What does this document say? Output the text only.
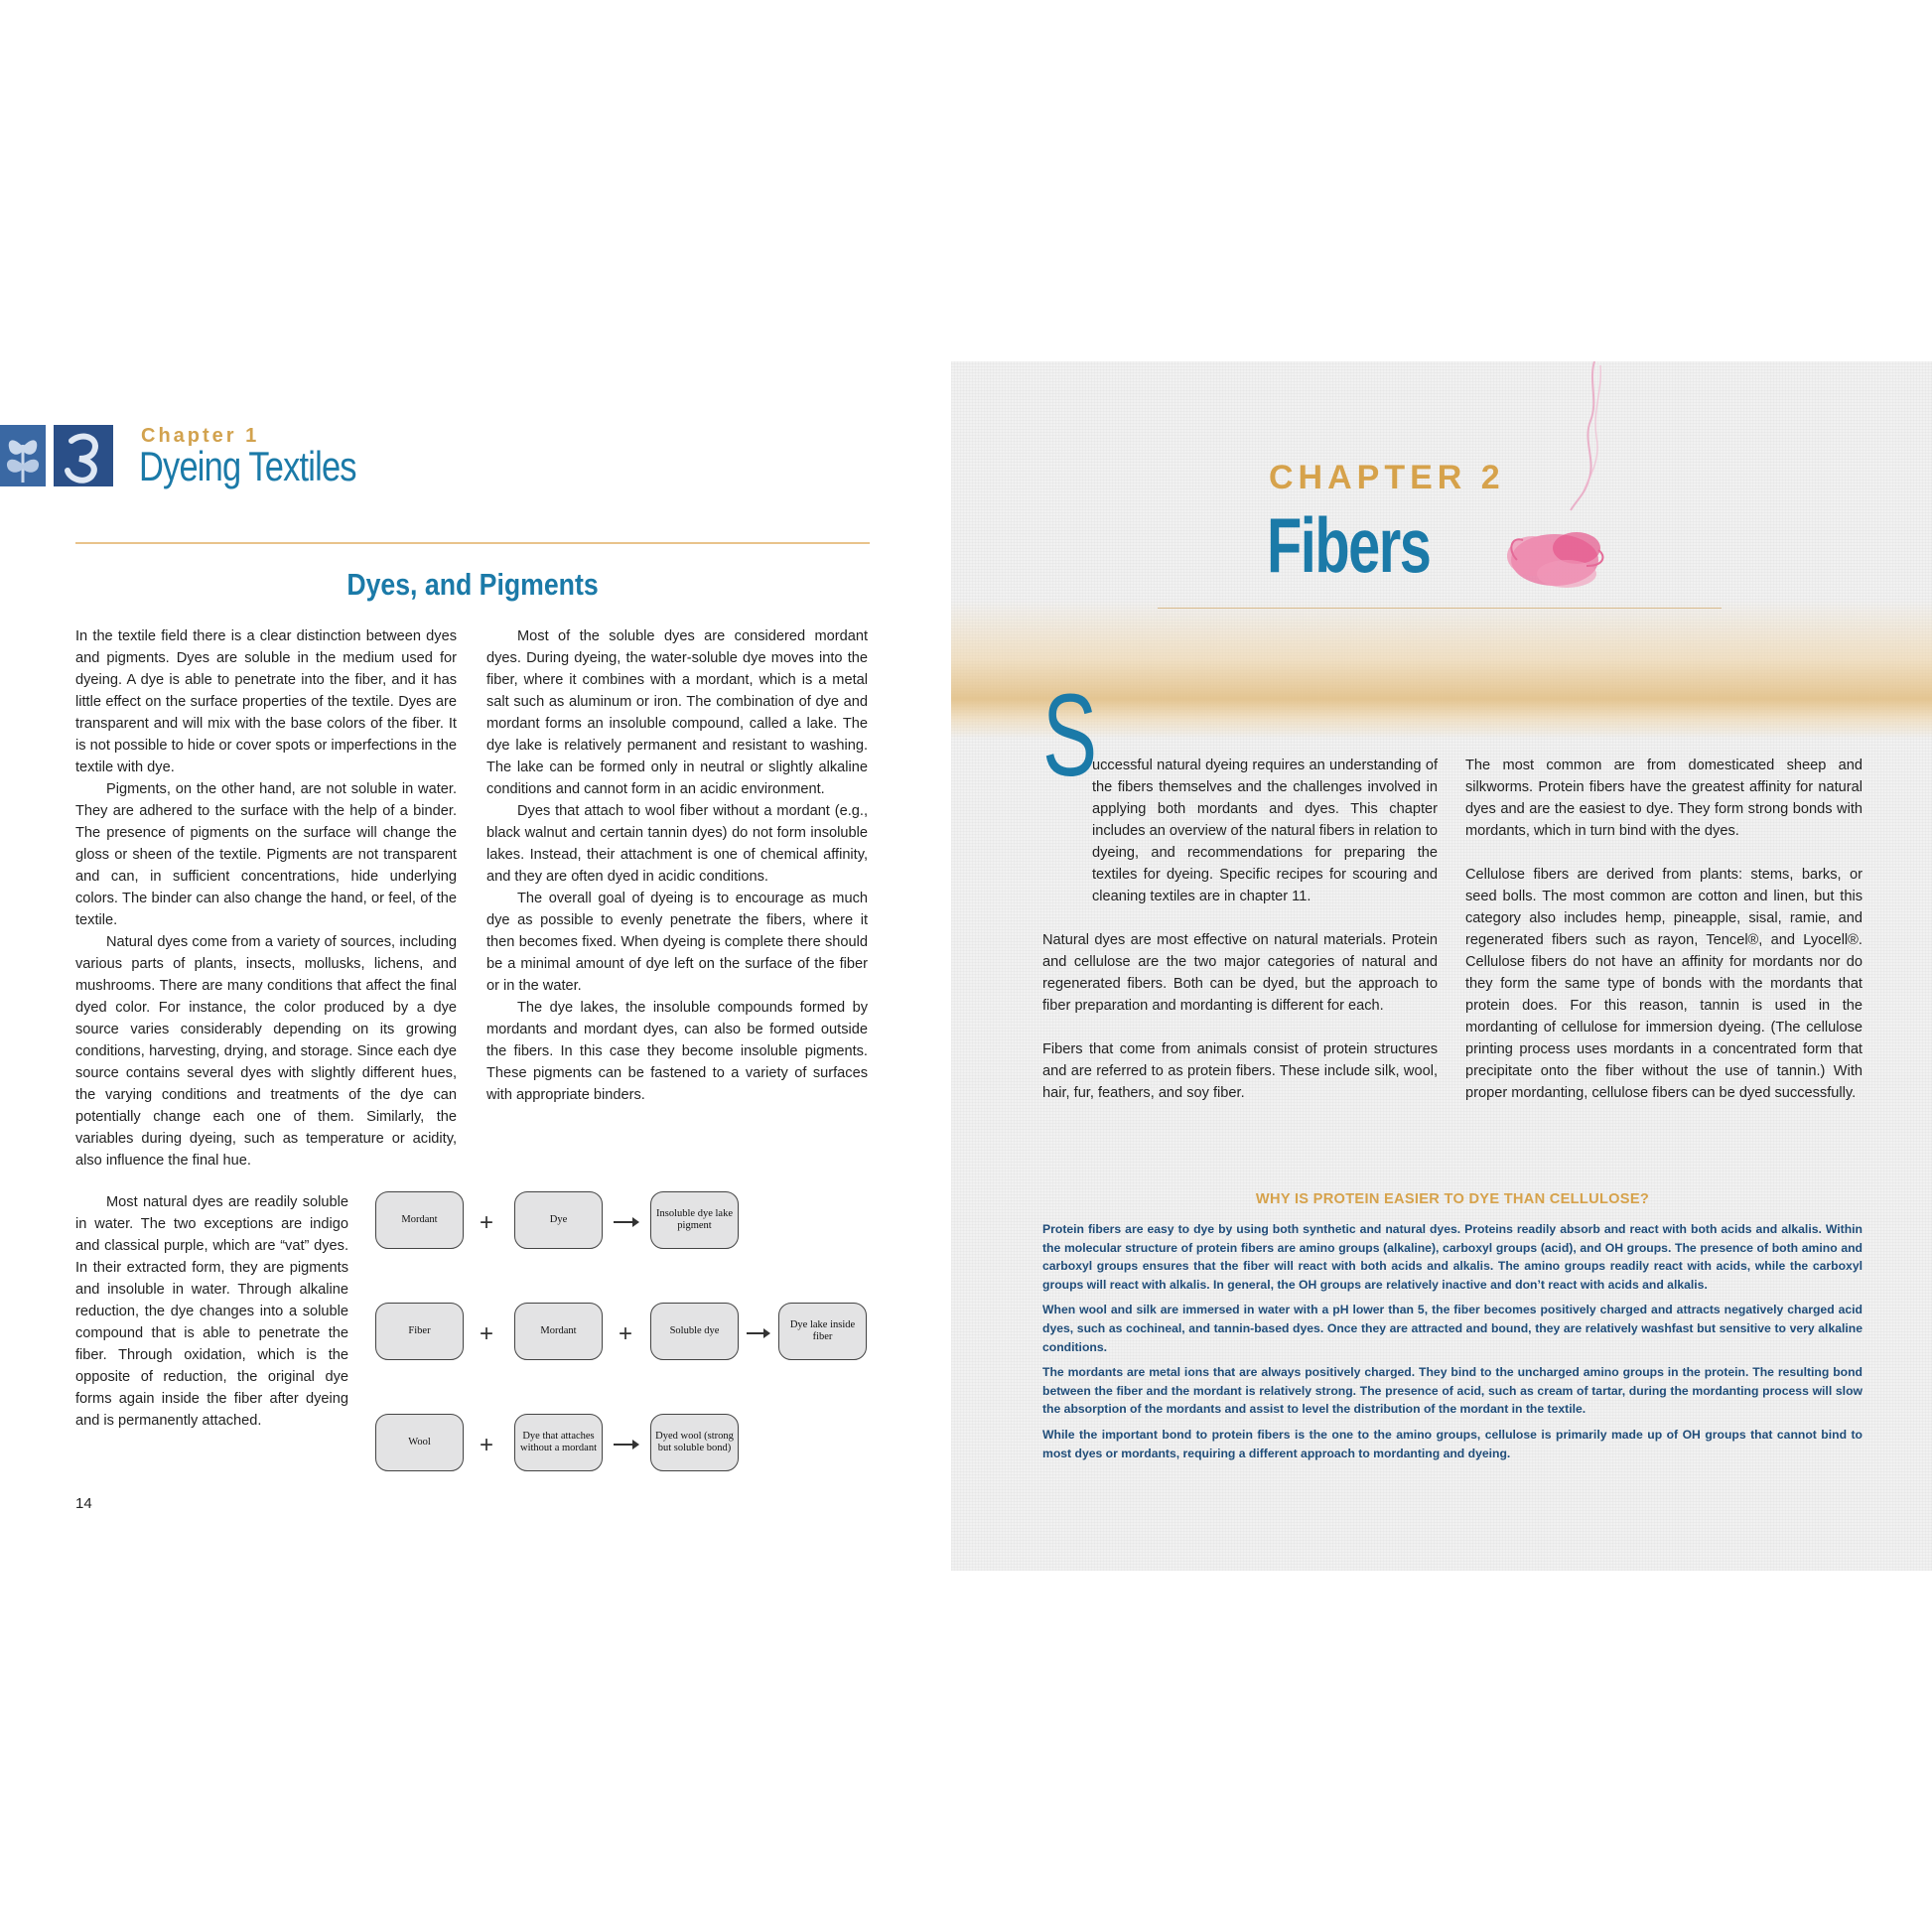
Chapter 1
Dyeing Textiles
Dyes, and Pigments

In the textile field there is a clear distinction between dyes and pigments. Dyes are soluble in the medium used for dyeing. A dye is able to penetrate into the fiber, and it has little effect on the surface properties of the textile. Dyes are transparent and will mix with the base colors of the fiber. It is not possible to hide or cover spots or imperfections in the textile with dye.

Pigments, on the other hand, are not soluble in water. They are adhered to the surface with the help of a binder. The presence of pigments on the surface will change the gloss or sheen of the textile. Pigments are not transparent and can, in sufficient concentrations, hide underlying colors. The binder can also change the hand, or feel, of the textile.

Natural dyes come from a variety of sources, including various parts of plants, insects, mollusks, lichens, and mushrooms. There are many conditions that affect the final dyed color. For instance, the color produced by a dye source varies considerably depending on its growing conditions, harvesting, drying, and storage. Since each dye source contains several dyes with slightly different hues, the varying conditions and treatments of the dye can potentially change each one of them. Similarly, the variables during dyeing, such as temperature or acidity, also influence the final hue.

Most of the soluble dyes are considered mordant dyes. During dyeing, the water-soluble dye moves into the fiber, where it combines with a mordant, which is a metal salt such as aluminum or iron. The combination of dye and mordant forms an insoluble compound, called a lake. The dye lake is relatively permanent and resistant to washing. The lake can be formed only in neutral or slightly alkaline conditions and cannot form in an acidic environment.

Dyes that attach to wool fiber without a mordant (e.g., black walnut and certain tannin dyes) do not form insoluble lakes. Instead, their attachment is one of chemical affinity, and they are often dyed in acidic conditions.

The overall goal of dyeing is to encourage as much dye as possible to evenly penetrate the fibers, where it then becomes fixed. When dyeing is complete there should be a minimal amount of dye left on the surface of the fiber or in the water.

The dye lakes, the insoluble compounds formed by mordants and mordant dyes, can also be formed outside the fibers. In this case they become insoluble pigments. These pigments can be fastened to a variety of surfaces with appropriate binders.

Most natural dyes are readily soluble in water. The two exceptions are indigo and classical purple, which are “vat” dyes. In their extracted form, they are pigments and insoluble in water. Through alkaline reduction, the dye changes into a soluble compound that is able to penetrate the fiber. Through oxidation, which is the opposite of reduction, the original dye forms again inside the fiber after dyeing and is permanently attached.

Mordant	+	Dye
Insoluble dye lake pigment
Fiber	+	Mordant	+	Soluble dye
Dye lake inside fiber
Wool	+	Dye that attaches without a mordant
Dyed wool (strong but soluble bond)
14
CHAPTER 2
Fibers
S

uccessful natural dyeing requires an understanding of the fibers themselves and the challenges involved in applying both mordants and dyes. This chapter includes an overview of the natural fibers in relation to dyeing, and recommendations for preparing the textiles for dyeing. Specific recipes for scouring and cleaning textiles are in chapter 11.

Natural dyes are most effective on natural materials. Protein and cellulose are the two major categories of natural and regenerated fibers. Both can be dyed, but the approach to fiber preparation and mordanting is different for each.

Fibers that come from animals consist of protein structures and are referred to as protein fibers. These include silk, wool, hair, fur, feathers, and soy fiber.

The most common are from domesticated sheep and silkworms. Protein fibers have the greatest affinity for natural dyes and are the easiest to dye. They form strong bonds with mordants, which in turn bind with the dyes.

Cellulose fibers are derived from plants: stems, barks, or seed bolls. The most common are cotton and linen, but this category also includes hemp, pineapple, sisal, ramie, and regenerated fibers such as rayon, Tencel®, and Lyocell®. Cellulose fibers do not have an affinity for mordants nor do they form the same type of bonds with the mordants that protein does. For this reason, tannin is used in the mordanting of cellulose for immersion dyeing. (The cellulose printing process uses mordants in a concentrated form that precipitate onto the fiber without the use of tannin.) With proper mordanting, cellulose fibers can be dyed successfully.

WHY IS PROTEIN EASIER TO DYE THAN CELLULOSE?

Protein fibers are easy to dye by using both synthetic and natural dyes. Proteins readily absorb and react with both acids and alkalis. Within the molecular structure of protein fibers are amino groups (alkaline), carboxyl groups (acid), and OH groups. The presence of both amino and carboxyl groups ensures that the fiber will react with both acids and alkalis. The amino groups readily react with acids, while the carboxyl groups will react with alkalis. In general, the OH groups are relatively inactive and don’t react with acids and alkalis.

When wool and silk are immersed in water with a pH lower than 5, the fiber becomes positively charged and attracts negatively charged acid dyes, such as cochineal, and tannin-based dyes. Once they are attracted and bound, they are relatively washfast but sensitive to very alkaline conditions.

The mordants are metal ions that are always positively charged. They bind to the uncharged amino groups in the protein. The resulting bond between the fiber and the mordant is relatively strong. The presence of acid, such as cream of tartar, during the mordanting process will slow the absorption of the mordants and assist to level the distribution of the mordant in the textile.

While the important bond to protein fibers is the one to the amino groups, cellulose is primarily made up of OH groups that cannot bind to most dyes or mordants, requiring a different approach to mordanting and dyeing.
